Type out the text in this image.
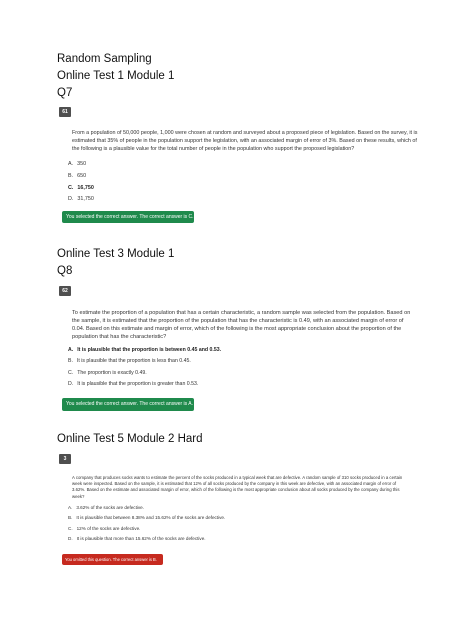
Random Sampling
Online Test 1 Module 1
Q7
61
From a population of 50,000 people, 1,000 were chosen at random and surveyed about a proposed piece of legislation. Based on the survey, it is estimated that 35% of people in the population support the legislation, with an associated margin of error of 3%. Based on these results, which of the following is a plausible value for the total number of people in the population who support the proposed legislation?
A. 350
B. 650
C. 16,750
D. 31,750
You selected the correct answer. The correct answer is C.
Online Test 3 Module 1
Q8
62
To estimate the proportion of a population that has a certain characteristic, a random sample was selected from the population. Based on the sample, it is estimated that the proportion of the population that has the characteristic is 0.49, with an associated margin of error of 0.04. Based on this estimate and margin of error, which of the following is the most appropriate conclusion about the proportion of the population that has the characteristic?
A. It is plausible that the proportion is between 0.45 and 0.53.
B. It is plausible that the proportion is less than 0.45.
C. The proportion is exactly 0.49.
D. It is plausible that the proportion is greater than 0.53.
You selected the correct answer. The correct answer is A.
Online Test 5 Module 2 Hard
3
A company that produces socks wants to estimate the percent of the socks produced in a typical week that are defective. A random sample of 310 socks produced in a certain week were inspected. Based on the sample, it is estimated that 12% of all socks produced by the company in this week are defective, with an associated margin of error of 3.62%. Based on the estimate and associated margin of error, which of the following is the most appropriate conclusion about all socks produced by the company during this week?
A. 3.62% of the socks are defective.
B. It is plausible that between 8.38% and 15.62% of the socks are defective.
C. 12% of the socks are defective.
D. It is plausible that more than 15.62% of the socks are defective.
You omitted this question. The correct answer is B.
